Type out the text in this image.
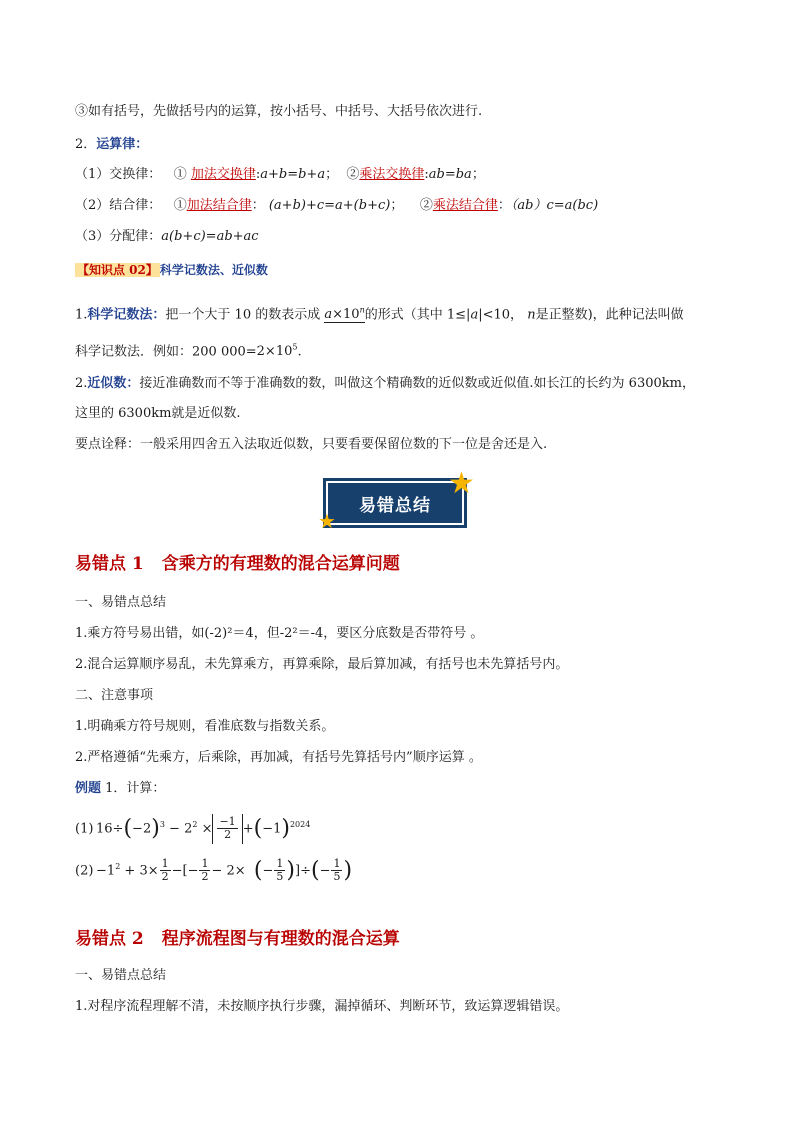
③如有括号，先做括号内的运算，按小括号、中括号、大括号依次进行.
2．运算律：
（1）交换律： ① 加法交换律:a+b=b+a；  ②乘法交换律:ab=ba；
（2）结合律： ①加法结合律： (a+b)+c=a+(b+c)；    ②乘法结合律：（ab）c=a(bc)
（3）分配律：a(b+c)=ab+ac
【知识点 02】 科学记数法、近似数
1.科学记数法：把一个大于 10 的数表示成 $a\times 10^n$的形式（其中 1≤|a|<10， n是正整数)，此种记法叫做
科学记数法．例如：200 $000=2\times 10^5$.
2.近似数：接近准确数而不等于准确数的数，叫做这个精确数的近似数或近似值.如长江的长约为 6300km，
这里的 6300km就是近似数.
要点诠释：一般采用四舍五入法取近似数，只要看要保留位数的下一位是舍还是入.
易错总结
★
★
易错点 1 含乘方的有理数的混合运算问题
一、易错点总结
1.乘方符号易出错，如(-2)²＝4，但-2²＝-4，要区分底数是否带符号 。
2.混合运算顺序易乱，未先算乘方，再算乘除，最后算加减，有括号也未先算括号内。
二、注意事项
1.明确乘方符号规则，看准底数与指数关系。
2.严格遵循“先乘方，后乘除，再加减，有括号先算括号内”顺序运算 。
例题 1．计算：
(1) $16\div(-2)^3 - 2^2 \times \frac{-1}{2} +(-1)^{2024}$
$(2) -1^2 + 3\times \frac{1}{2}$ −[− $\frac{1}{2} - 2\times$  (− $\frac{1}{5}$ )]÷(− $\frac{1}{5}$ )
易错点 2 程序流程图与有理数的混合运算
一、易错点总结
1.对程序流程理解不清，未按顺序执行步骤，漏掉循环、判断环节，致运算逻辑错误。
